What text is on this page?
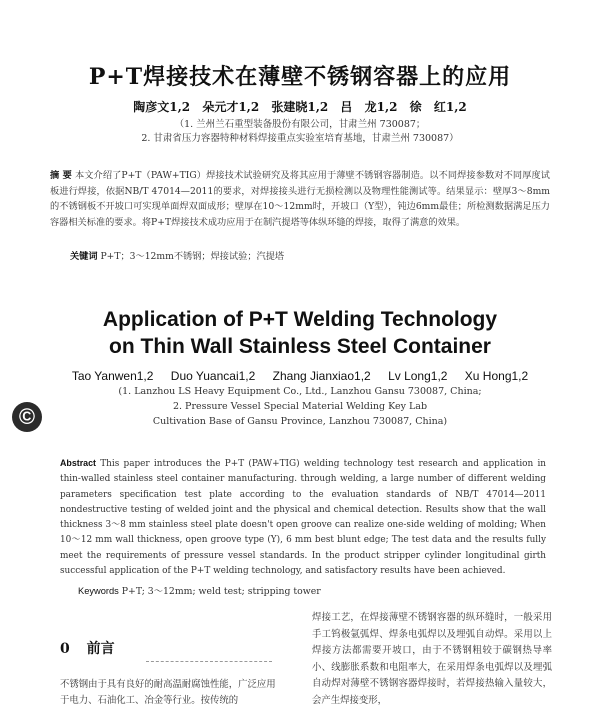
P+T焊接技术在薄壁不锈钢容器上的应用
陶彦文1,2 朵元才1,2 张建晓1,2 吕 龙1,2 徐 红1,2
（1. 兰州兰石重型装备股份有限公司，甘肃兰州 730087；
2. 甘肃省压力容器特种材料焊接重点实验室培育基地，甘肃兰州 730087）
摘 要 本文介绍了P+T（PAW+TIG）焊接技术试验研究及将其应用于薄壁不锈钢容器制造。以不同焊接参数对不同厚度试板进行焊接，依据NB/T 47014—2011的要求，对焊接接头进行无损检测以及物理性能测试等。结果显示：壁厚3～8mm的不锈钢板不开坡口可实现单面焊双面成形；壁厚在10～12mm时，开坡口（Y型），钝边6mm最佳；所检测数据满足压力容器相关标准的要求。将P+T焊接技术成功应用于在制汽提塔等体纵环缝的焊接，取得了满意的效果。
关键词 P+T；3～12mm不锈钢；焊接试验；汽提塔
Application of P+T Welding Technology
on Thin Wall Stainless Steel Container
Tao Yanwen1,2 Duo Yuancai1,2 Zhang Jianxiao1,2 Lv Long1,2 Xu Hong1,2
(1. Lanzhou LS Heavy Equipment Co., Ltd., Lanzhou Gansu 730087, China;
2. Pressure Vessel Special Material Welding Key Lab
Cultivation Base of Gansu Province, Lanzhou 730087, China)
©
Abstract This paper introduces the P+T (PAW+TIG) welding technology test research and application in thin-walled stainless steel container manufacturing. through welding, a large number of different welding parameters specification test plate according to the evaluation standards of NB/T 47014—2011 nondestructive testing of welded joint and the physical and chemical detection. Results show that the wall thickness 3～8 mm stainless steel plate doesn't open groove can realize one-side welding of molding; When 10～12 mm wall thickness, open groove type (Y), 6 mm best blunt edge; The test data and the results fully meet the requirements of pressure vessel standards. In the product stripper cylinder longitudinal girth successful application of the P+T welding technology, and satisfactory results have been achieved.
Keywords P+T; 3～12mm; weld test; stripping tower
0 前言
不锈钢由于具有良好的耐高温耐腐蚀性能，广泛应用于电力、石油化工、冶金等行业。按传统的
焊接工艺，在焊接薄壁不锈钢容器的纵环缝时，一般采用手工钨极氩弧焊、焊条电弧焊以及埋弧自动焊。采用以上焊接方法都需要开坡口，由于不锈钢粗较于碳钢热导率小、线膨胀系数和电阻率大，在采用焊条电弧焊以及埋弧自动焊对薄壁不锈钢容器焊接时，若焊接热输入量较大，会产生焊接变形，
